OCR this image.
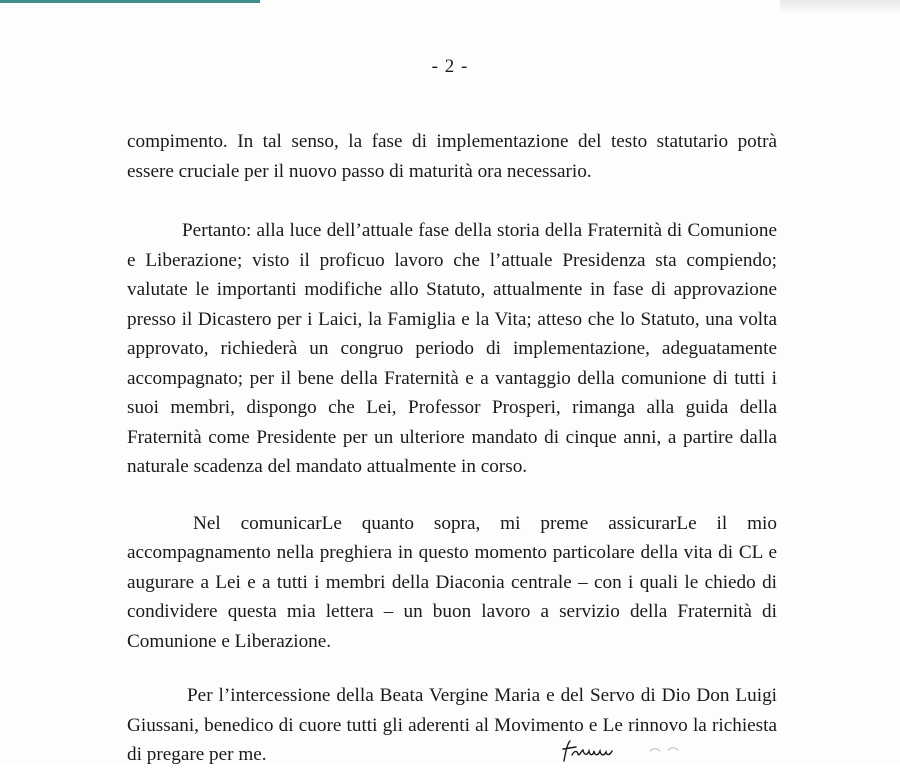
- 2 -

compimento. In tal senso, la fase di implementazione del testo statutario potrà essere cruciale per il nuovo passo di maturità ora necessario.

Pertanto: alla luce dell’attuale fase della storia della Fraternità di Comunione e Liberazione; visto il proficuo lavoro che l’attuale Presidenza sta compiendo; valutate le importanti modifiche allo Statuto, attualmente in fase di approvazione presso il Dicastero per i Laici, la Famiglia e la Vita; atteso che lo Statuto, una volta approvato, richiederà un congruo periodo di implementazione, adeguatamente accompagnato; per il bene della Fraternità e a vantaggio della comunione di tutti i suoi membri, dispongo che Lei, Professor Prosperi, rimanga alla guida della Fraternità come Presidente per un ulteriore mandato di cinque anni, a partire dalla naturale scadenza del mandato attualmente in corso.

Nel comunicarLe quanto sopra, mi preme assicurarLe il mio accompagnamento nella preghiera in questo momento particolare della vita di CL e augurare a Lei e a tutti i membri della Diaconia centrale – con i quali le chiedo di condividere questa mia lettera – un buon lavoro a servizio della Fraternità di Comunione e Liberazione.

Per l’intercessione della Beata Vergine Maria e del Servo di Dio Don Luigi Giussani, benedico di cuore tutti gli aderenti al Movimento e Le rinnovo la richiesta di pregare per me.
